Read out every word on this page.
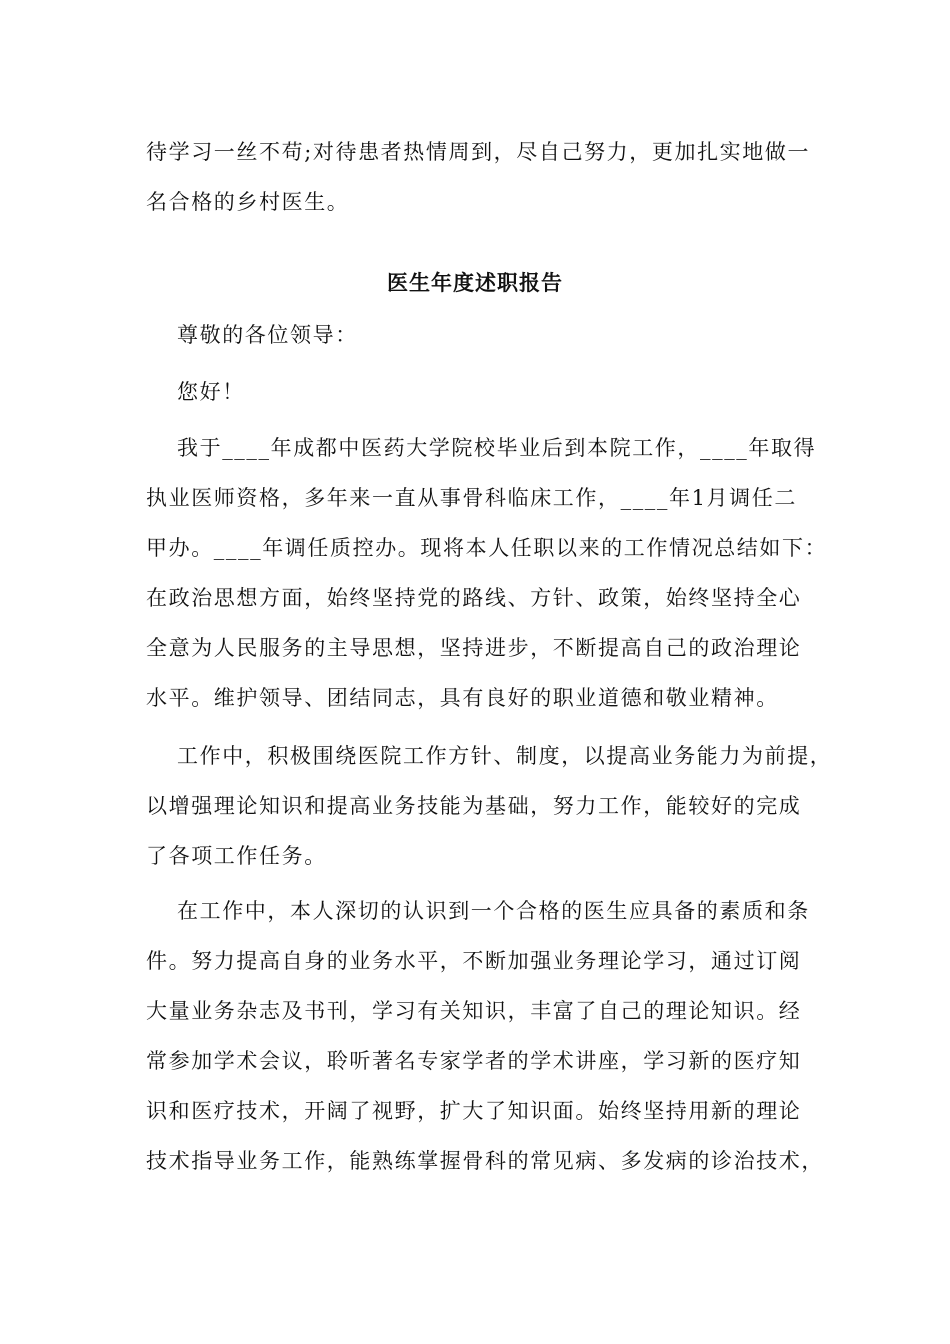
待学习一丝不苟;对待患者热情周到，尽自己努力，更加扎实地做一
名合格的乡村医生。
医生年度述职报告
尊敬的各位领导：
您好！
我于____年成都中医药大学院校毕业后到本院工作，____年取得
执业医师资格，多年来一直从事骨科临床工作，____年1月调任二
甲办。____年调任质控办。现将本人任职以来的工作情况总结如下：
在政治思想方面，始终坚持党的路线、方针、政策，始终坚持全心
全意为人民服务的主导思想，坚持进步，不断提高自己的政治理论
水平。维护领导、团结同志，具有良好的职业道德和敬业精神。
工作中，积极围绕医院工作方针、制度，以提高业务能力为前提，
以增强理论知识和提高业务技能为基础，努力工作，能较好的完成
了各项工作任务。
在工作中，本人深切的认识到一个合格的医生应具备的素质和条
件。努力提高自身的业务水平，不断加强业务理论学习，通过订阅
大量业务杂志及书刊，学习有关知识，丰富了自己的理论知识。经
常参加学术会议，聆听著名专家学者的学术讲座，学习新的医疗知
识和医疗技术，开阔了视野，扩大了知识面。始终坚持用新的理论
技术指导业务工作，能熟练掌握骨科的常见病、多发病的诊治技术，
